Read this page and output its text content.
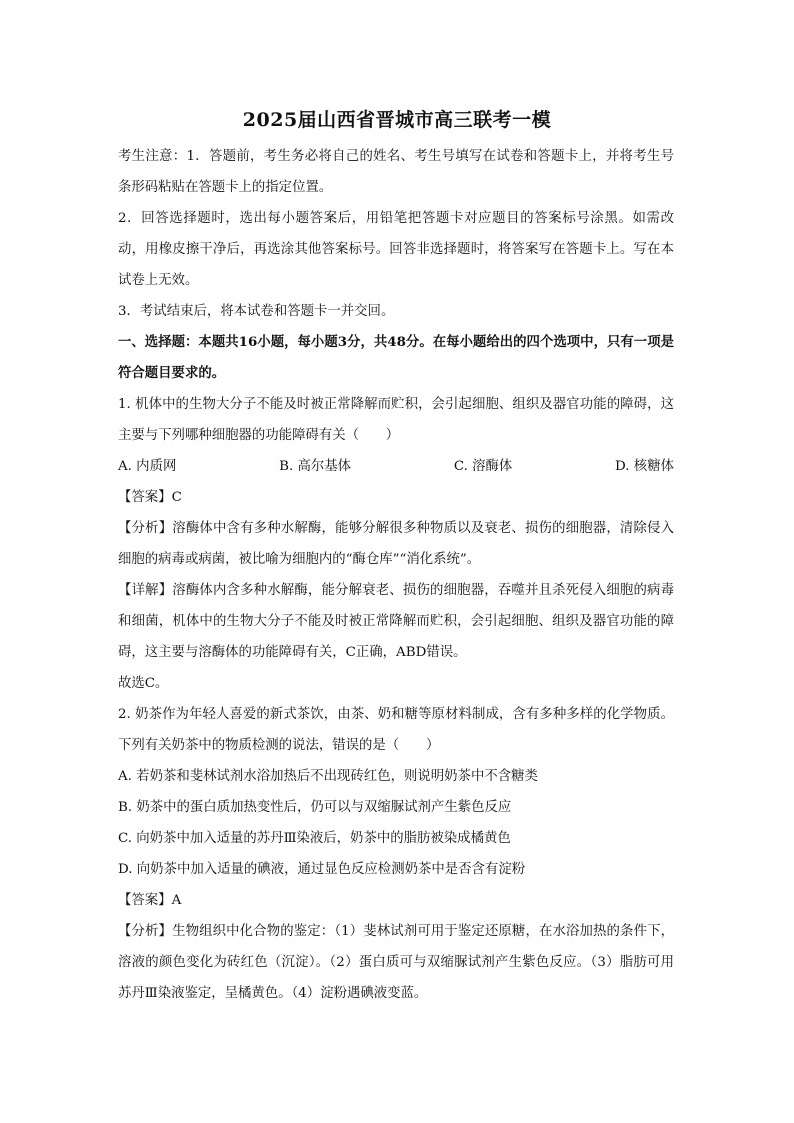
2025届山西省晋城市高三联考一模

考生注意：1．答题前，考生务必将自己的姓名、考生号填写在试卷和答题卡上，并将考生号条形码粘贴在答题卡上的指定位置。

2．回答选择题时，选出每小题答案后，用铅笔把答题卡对应题目的答案标号涂黑。如需改动，用橡皮擦干净后，再选涂其他答案标号。回答非选择题时，将答案写在答题卡上。写在本试卷上无效。

3．考试结束后，将本试卷和答题卡一并交回。

一、选择题：本题共16小题，每小题3分，共48分。在每小题给出的四个选项中，只有一项是符合题目要求的。

1. 机体中的生物大分子不能及时被正常降解而贮积，会引起细胞、组织及器官功能的障碍，这主要与下列哪种细胞器的功能障碍有关（　　）

A. 内质网	B. 高尔基体	C. 溶酶体	D. 核糖体

【答案】C

【分析】溶酶体中含有多种水解酶，能够分解很多种物质以及衰老、损伤的细胞器，清除侵入细胞的病毒或病菌，被比喻为细胞内的“酶仓库”“消化系统”。

【详解】溶酶体内含多种水解酶，能分解衰老、损伤的细胞器，吞噬并且杀死侵入细胞的病毒和细菌，机体中的生物大分子不能及时被正常降解而贮积，会引起细胞、组织及器官功能的障碍，这主要与溶酶体的功能障碍有关，C正确，ABD错误。

故选C。

2. 奶茶作为年轻人喜爱的新式茶饮，由茶、奶和糖等原材料制成，含有多种多样的化学物质。下列有关奶茶中的物质检测的说法，错误的是（　　）

A. 若奶茶和斐林试剂水浴加热后不出现砖红色，则说明奶茶中不含糖类

B. 奶茶中的蛋白质加热变性后，仍可以与双缩脲试剂产生紫色反应

C. 向奶茶中加入适量的苏丹Ⅲ染液后，奶茶中的脂肪被染成橘黄色

D. 向奶茶中加入适量的碘液，通过显色反应检测奶茶中是否含有淀粉

【答案】A

【分析】生物组织中化合物的鉴定：（1）斐林试剂可用于鉴定还原糖，在水浴加热的条件下，溶液的颜色变化为砖红色（沉淀）。（2）蛋白质可与双缩脲试剂产生紫色反应。（3）脂肪可用苏丹Ⅲ染液鉴定，呈橘黄色。（4）淀粉遇碘液变蓝。
